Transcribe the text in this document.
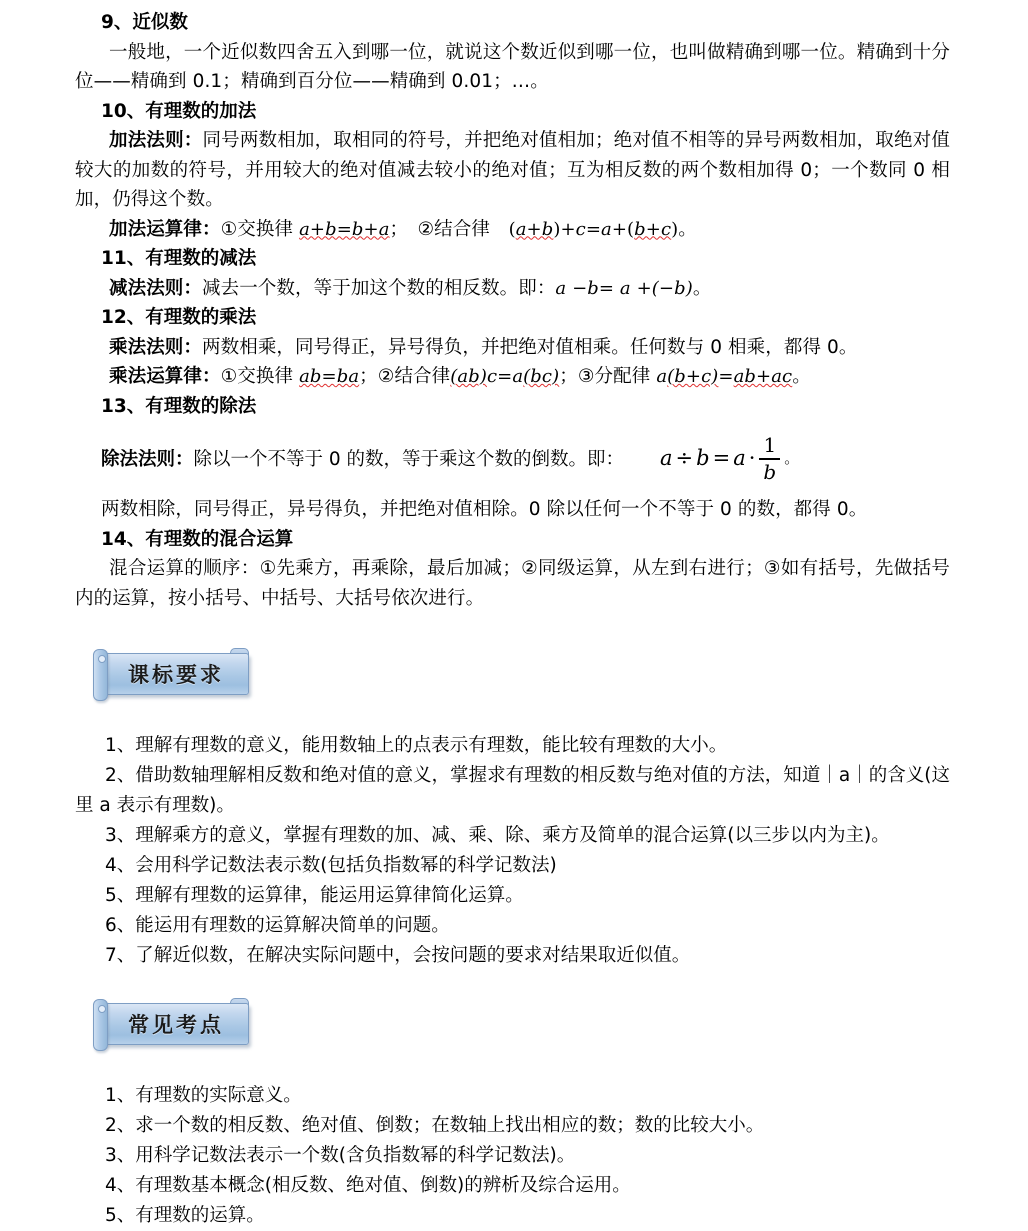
9、近似数
一般地，一个近似数四舍五入到哪一位，就说这个数近似到哪一位，也叫做精确到哪一位。精确到十分位——精确到 0.1；精确到百分位——精确到 0.01；…。
10、有理数的加法
加法法则：同号两数相加，取相同的符号，并把绝对值相加；绝对值不相等的异号两数相加，取绝对值较大的加数的符号，并用较大的绝对值减去较小的绝对值；互为相反数的两个数相加得 0；一个数同 0 相加，仍得这个数。
加法运算律：①交换律 a+b=b+a；　②结合律　(a+b)+c=a+(b+c)。
11、有理数的减法
减法法则：减去一个数，等于加这个数的相反数。即：a −b= a +(−b)。
12、有理数的乘法
乘法法则：两数相乘，同号得正，异号得负，并把绝对值相乘。任何数与 0 相乘，都得 0。
乘法运算律：①交换律 ab=ba；②结合律(ab)c=a(bc)；③分配律 a(b+c)=ab+ac。
13、有理数的除法
除法法则：除以一个不等于 0 的数，等于乘这个数的倒数。即： $a \div b = a \cdot \frac{1}{b}$ 。
两数相除，同号得正，异号得负，并把绝对值相除。0 除以任何一个不等于 0 的数，都得 0。
14、有理数的混合运算
混合运算的顺序：①先乘方，再乘除，最后加减；②同级运算，从左到右进行；③如有括号，先做括号内的运算，按小括号、中括号、大括号依次进行。
课标要求
1、理解有理数的意义，能用数轴上的点表示有理数，能比较有理数的大小。
2、借助数轴理解相反数和绝对值的意义，掌握求有理数的相反数与绝对值的方法，知道｜a｜的含义(这里 a 表示有理数)。
3、理解乘方的意义，掌握有理数的加、减、乘、除、乘方及简单的混合运算(以三步以内为主)。
4、会用科学记数法表示数(包括负指数幂的科学记数法)
5、理解有理数的运算律，能运用运算律简化运算。
6、能运用有理数的运算解决简单的问题。
7、了解近似数，在解决实际问题中，会按问题的要求对结果取近似值。
常见考点
1、有理数的实际意义。
2、求一个数的相反数、绝对值、倒数；在数轴上找出相应的数；数的比较大小。
3、用科学记数法表示一个数(含负指数幂的科学记数法)。
4、有理数基本概念(相反数、绝对值、倒数)的辨析及综合运用。
5、有理数的运算。
